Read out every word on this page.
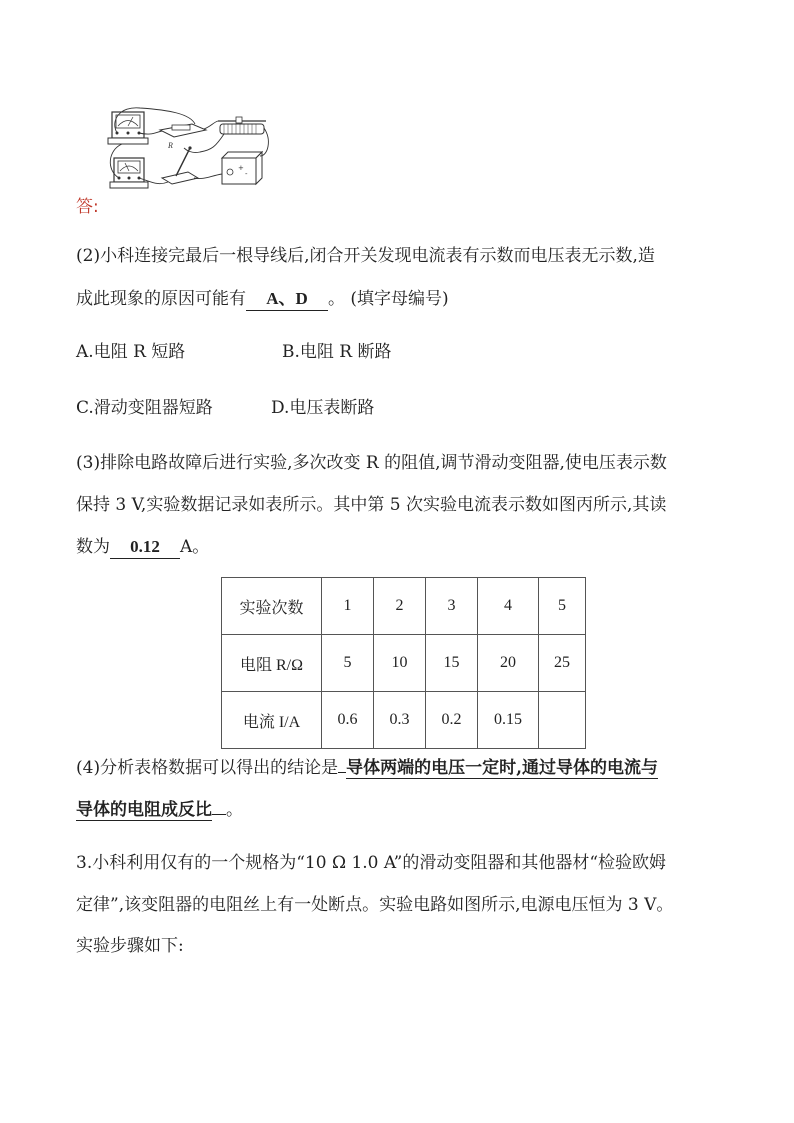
R
+
-
答:
(2)小科连接完最后一根导线后,闭合开关发现电流表有示数而电压表无示数,造
成此现象的原因可能有 A、D 。 (填字母编号)
A.电阻 R 短路	B.电阻 R 断路
C.滑动变阻器短路	D.电压表断路
(3)排除电路故障后进行实验,多次改变 R 的阻值,调节滑动变阻器,使电压表示数
保持 3 V,实验数据记录如表所示。其中第 5 次实验电流表示数如图丙所示,其读
数为 0.12 A。
实验次数	1	2	3	4	5
电阻 R/Ω	5	10	15	20	25
电流 I/A	0.6	0.3	0.2	0.15	
(4)分析表格数据可以得出的结论是 导体两端的电压一定时,通过导体的电流与
导体的电阻成反比 。
3.小科利用仅有的一个规格为“10 Ω 1.0 A”的滑动变阻器和其他器材“检验欧姆
定律”,该变阻器的电阻丝上有一处断点。实验电路如图所示,电源电压恒为 3 V。
实验步骤如下:
